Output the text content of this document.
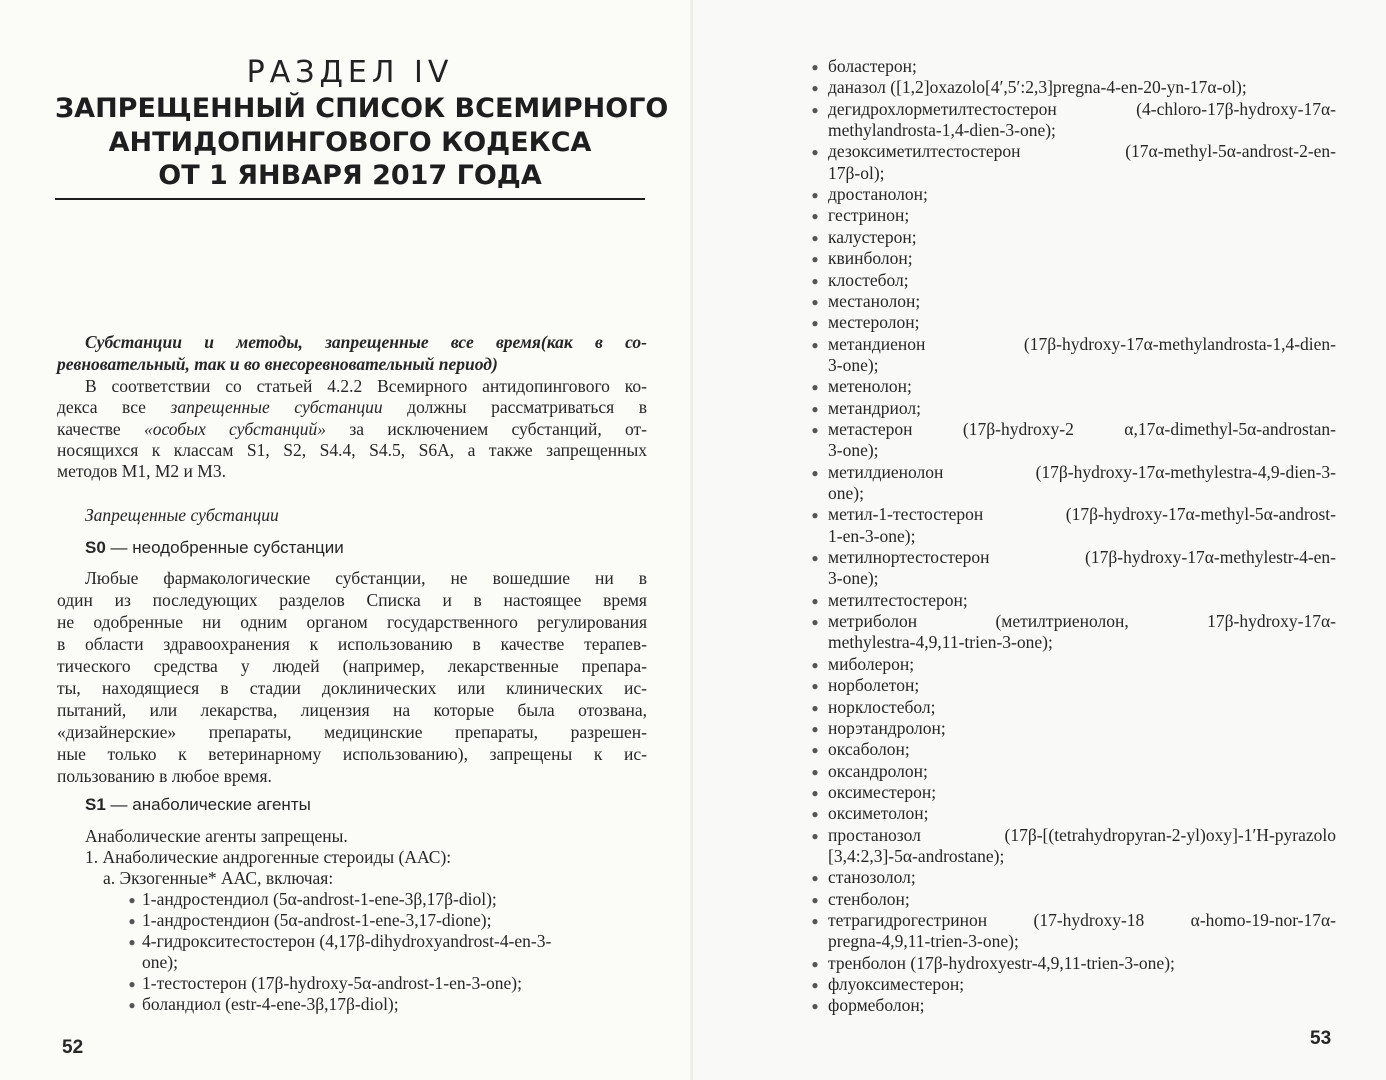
РАЗДЕЛ IV
ЗАПРЕЩЕННЫЙ СПИСОК ВСЕМИРНОГО
АНТИДОПИНГОВОГО КОДЕКСА
ОТ 1 ЯНВАРЯ 2017 ГОДА
Субстанции и методы, запрещенные все время(как в со-
ревновательный, так и во внесоревновательный период)
В соответствии со статьей 4.2.2 Всемирного антидопингового ко-
декса все запрещенные субстанции должны рассматриваться в
качестве «особых субстанций» за исключением субстанций, от-
носящихся к классам S1, S2, S4.4, S4.5, S6A, а также запрещенных
методов M1, M2 и M3.
Запрещенные субстанции
S0 — неодобренные субстанции
Любые фармакологические субстанции, не вошедшие ни в
один из последующих разделов Списка и в настоящее время
не одобренные ни одним органом государственного регулирования
в области здравоохранения к использованию в качестве терапев-
тического средства у людей (например, лекарственные препара-
ты, находящиеся в стадии доклинических или клинических ис-
пытаний, или лекарства, лицензия на которые была отозвана,
«дизайнерские» препараты, медицинские препараты, разрешен-
ные только к ветеринарному использованию), запрещены к ис-
пользованию в любое время.
S1 — анаболические агенты
Анаболические агенты запрещены.
1. Анаболические андрогенные стероиды (ААС):
a. Экзогенные* ААС, включая:
● 1-андростендиол (5α-androst-1-ene-3β,17β-diol);
● 1-андростендион (5α-androst-1-ene-3,17-dione);
● 4-гидрокситестостерон (4,17β-dihydroxyandrost-4-en-3-
one);
● 1-тестостерон (17β-hydroxy-5α-androst-1-en-3-one);
● боландиол (estr-4-ene-3β,17β-diol);
52
● боластерон;
● даназол ([1,2]oxazolo[4′,5′:2,3]pregna-4-en-20-yn-17α-ol);
● дегидрохлорметилтестостерон (4-chloro-17β-hydroxy-17α-
methylandrosta-1,4-dien-3-one);
● дезоксиметилтестостерон (17α-methyl-5α-androst-2-en-
17β-ol);
● дростанолон;
● гестринон;
● калустерон;
● квинболон;
● клостебол;
● местанолон;
● местеролон;
● метандиенон (17β-hydroxy-17α-methylandrosta-1,4-dien-
3-one);
● метенолон;
● метандриол;
● метастерон (17β-hydroxy-2 α,17α-dimethyl-5α-androstan-
3-one);
● метилдиенолон (17β-hydroxy-17α-methylestra-4,9-dien-3-
one);
● метил-1-тестостерон (17β-hydroxy-17α-methyl-5α-androst-
1-en-3-one);
● метилнортестостерон (17β-hydroxy-17α-methylestr-4-en-
3-one);
● метилтестостерон;
● метриболон (метилтриенолон, 17β-hydroxy-17α-
methylestra-4,9,11-trien-3-one);
● миболерон;
● норболетон;
● норклостебол;
● норэтандролон;
● оксаболон;
● оксандролон;
● оксиместерон;
● оксиметолон;
● простанозол (17β-[(tetrahydropyran-2-yl)oxy]-1′H-pyrazolo
[3,4:2,3]-5α-androstane);
● станозолол;
● стенболон;
● тетрагидрогестринон (17-hydroxy-18 α-homo-19-nor-17α-
pregna-4,9,11-trien-3-one);
● тренболон (17β-hydroxyestr-4,9,11-trien-3-one);
● флуоксиместерон;
● формеболон;
53
